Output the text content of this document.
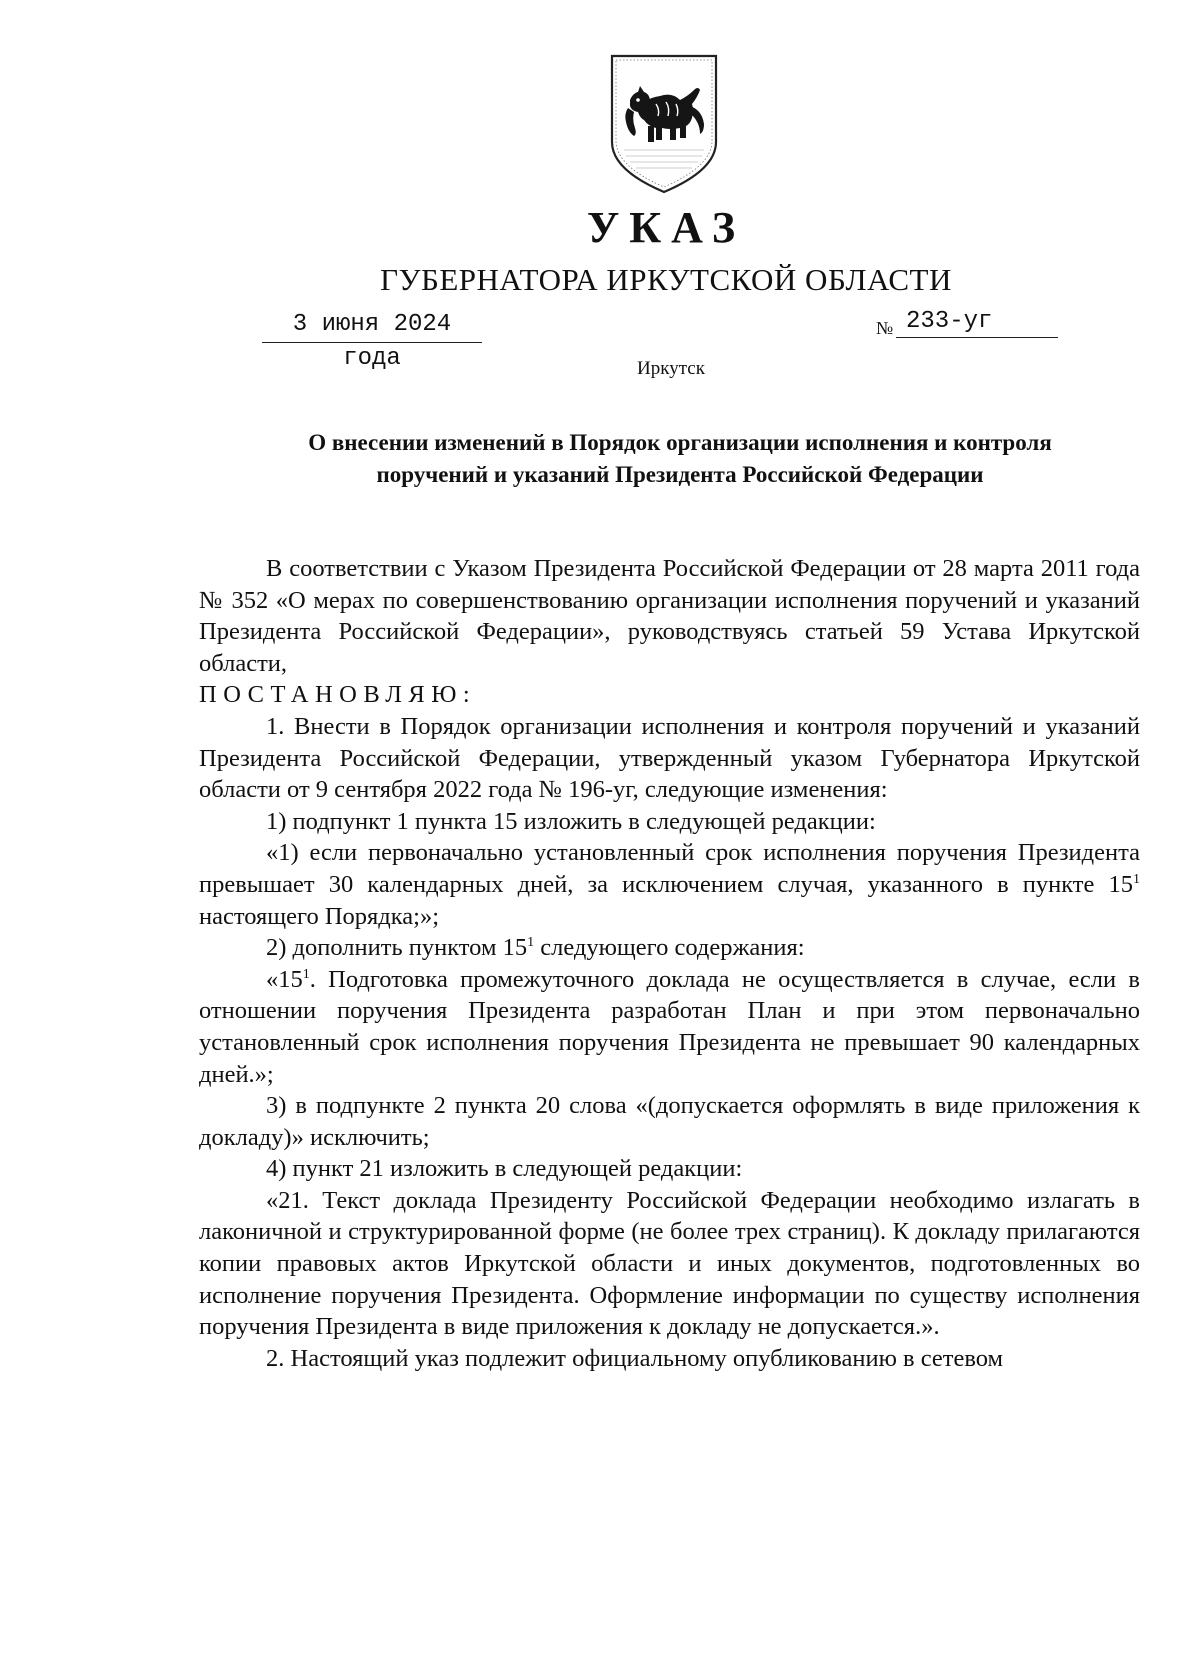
УКАЗ
ГУБЕРНАТОРА ИРКУТСКОЙ ОБЛАСТИ
3 июня 2024 года
№ 233-уг
Иркутск
О внесении изменений в Порядок организации исполнения и контроля
поручений и указаний Президента Российской Федерации

В соответствии с Указом Президента Российской Федерации от 28 марта 2011 года № 352 «О мерах по совершенствованию организации исполнения поручений и указаний Президента Российской Федерации», руководствуясь статьей 59 Устава Иркутской области,

ПОСТАНОВЛЯЮ:

1. Внести в Порядок организации исполнения и контроля поручений и указаний Президента Российской Федерации, утвержденный указом Губернатора Иркутской области от 9 сентября 2022 года № 196-уг, следующие изменения:

1) подпункт 1 пункта 15 изложить в следующей редакции:

«1) если первоначально установленный срок исполнения поручения Президента превышает 30 календарных дней, за исключением случая, указанного в пункте $15^1$ настоящего Порядка;»;

2) дополнить пунктом $15^1$ следующего содержания:

«$15^1$. Подготовка промежуточного доклада не осуществляется в случае, если в отношении поручения Президента разработан План и при этом первоначально установленный срок исполнения поручения Президента не превышает 90 календарных дней.»;

3) в подпункте 2 пункта 20 слова «(допускается оформлять в виде приложения к докладу)» исключить;

4) пункт 21 изложить в следующей редакции:

«21. Текст доклада Президенту Российской Федерации необходимо излагать в лаконичной и структурированной форме (не более трех страниц). К докладу прилагаются копии правовых актов Иркутской области и иных документов, подготовленных во исполнение поручения Президента. Оформление информации по существу исполнения поручения Президента в виде приложения к докладу не допускается.».

2. Настоящий указ подлежит официальному опубликованию в сетевом
